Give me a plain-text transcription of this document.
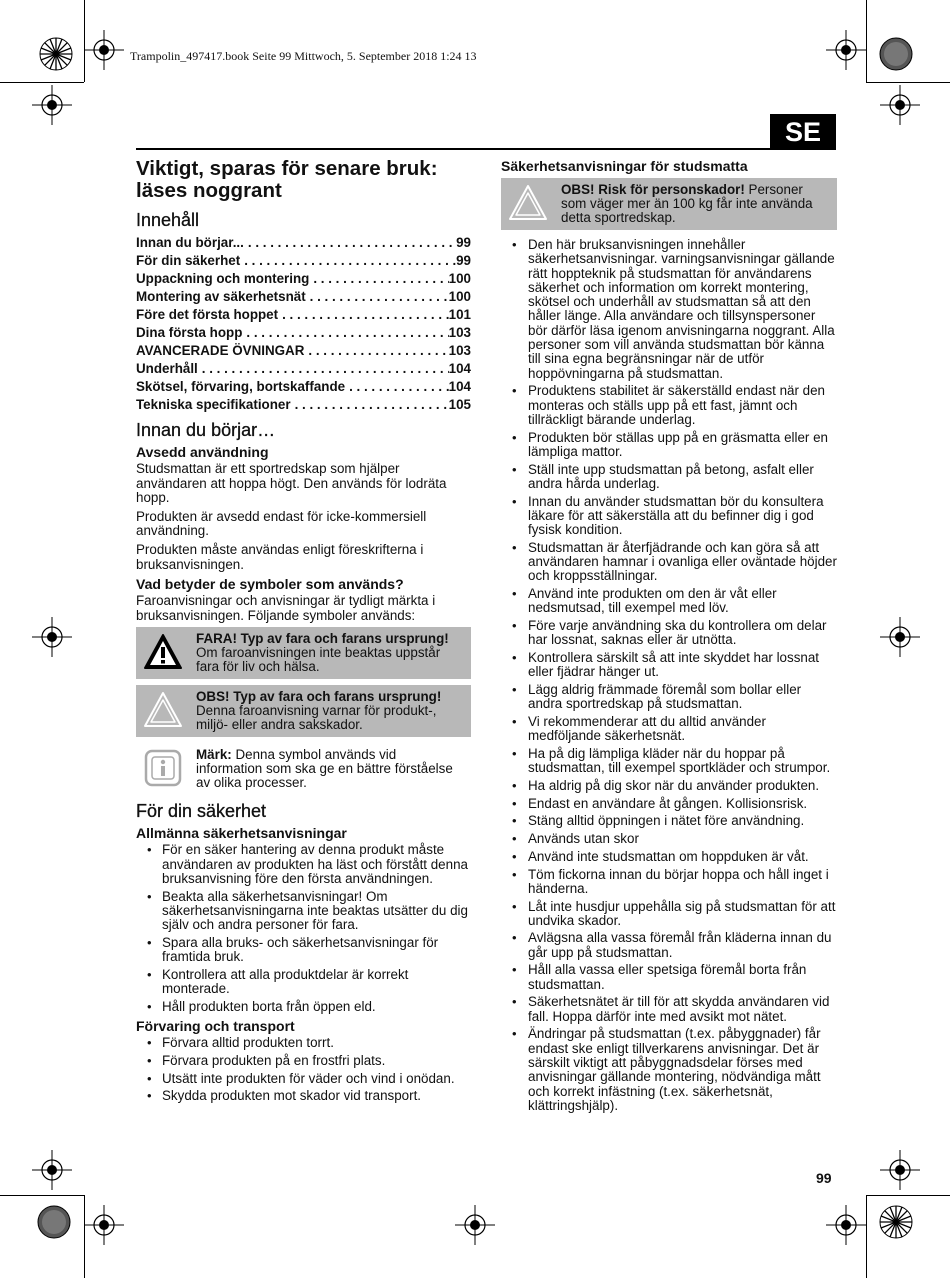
Trampolin_497417.book Seite 99 Mittwoch, 5. September 2018 1:24 13
SE
Viktigt, sparas för senare bruk:
läses noggrant
Innehåll
Innan du börjar... . . .	99
För din säkerhet . . .	99
Uppackning och montering . . .	100
Montering av säkerhetsnät . . .	100
Före det första hoppet . . .	101
Dina första hopp . . .	103
AVANCERADE ÖVNINGAR . . .	103
Underhåll . . .	104
Skötsel, förvaring, bortskaffande . . .	104
Tekniska specifikationer . . .	105
Innan du börjar…
Avsedd användning

Studsmattan är ett sportredskap som hjälper användaren att hoppa högt. Den används för lodräta hopp.

Produkten är avsedd endast för icke-kommersiell användning.

Produkten måste användas enligt föreskrifterna i bruksanvisningen.

Vad betyder de symboler som används?

Faroanvisningar och anvisningar är tydligt märkta i bruksanvisningen. Följande symboler används:

FARA! Typ av fara och farans ursprung!
Om faroanvisningen inte beaktas uppstår fara för liv och hälsa.
OBS! Typ av fara och farans ursprung!
Denna faroanvisning varnar för produkt-, miljö- eller andra sakskador.
Märk: Denna symbol används vid information som ska ge en bättre förståelse av olika processer.
För din säkerhet
Allmänna säkerhetsanvisningar
• För en säker hantering av denna produkt måste användaren av produkten ha läst och förstått denna bruksanvisning före den första användningen.
• Beakta alla säkerhetsanvisningar! Om säkerhetsanvisningarna inte beaktas utsätter du dig själv och andra personer för fara.
• Spara alla bruks- och säkerhetsanvisningar för framtida bruk.
• Kontrollera att alla produktdelar är korrekt monterade.
• Håll produkten borta från öppen eld.
Förvaring och transport
• Förvara alltid produkten torrt.
• Förvara produkten på en frostfri plats.
• Utsätt inte produkten för väder och vind i onödan.
• Skydda produkten mot skador vid transport.
Säkerhetsanvisningar för studsmatta
OBS! Risk för personskador! Personer som väger mer än 100 kg får inte använda detta sportredskap.
• Den här bruksanvisningen innehåller säkerhetsanvisningar. varningsanvisningar gällande rätt hoppteknik på studsmattan för användarens säkerhet och information om korrekt montering, skötsel och underhåll av studsmattan så att den håller länge. Alla användare och tillsynspersoner bör därför läsa igenom anvisningarna noggrant. Alla personer som vill använda studsmattan bör känna till sina egna begränsningar när de utför hoppövningarna på studsmattan.
• Produktens stabilitet är säkerställd endast när den monteras och ställs upp på ett fast, jämnt och tillräckligt bärande underlag.
• Produkten bör ställas upp på en gräsmatta eller en lämpliga mattor.
• Ställ inte upp studsmattan på betong, asfalt eller andra hårda underlag.
• Innan du använder studsmattan bör du konsultera läkare för att säkerställa att du befinner dig i god fysisk kondition.
• Studsmattan är återfjädrande och kan göra så att användaren hamnar i ovanliga eller oväntade höjder och kroppsställningar.
• Använd inte produkten om den är våt eller nedsmutsad, till exempel med löv.
• Före varje användning ska du kontrollera om delar har lossnat, saknas eller är utnötta.
• Kontrollera särskilt så att inte skyddet har lossnat eller fjädrar hänger ut.
• Lägg aldrig främmade föremål som bollar eller andra sportredskap på studsmattan.
• Vi rekommenderar att du alltid använder medföljande säkerhetsnät.
• Ha på dig lämpliga kläder när du hoppar på studsmattan, till exempel sportkläder och strumpor.
• Ha aldrig på dig skor när du använder produkten.
• Endast en användare åt gången. Kollisionsrisk.
• Stäng alltid öppningen i nätet före användning.
• Används utan skor
• Använd inte studsmattan om hoppduken är våt.
• Töm fickorna innan du börjar hoppa och håll inget i händerna.
• Låt inte husdjur uppehålla sig på studsmattan för att undvika skador.
• Avlägsna alla vassa föremål från kläderna innan du går upp på studsmattan.
• Håll alla vassa eller spetsiga föremål borta från studsmattan.
• Säkerhetsnätet är till för att skydda användaren vid fall. Hoppa därför inte med avsikt mot nätet.
• Ändringar på studsmattan (t.ex. påbyggnader) får endast ske enligt tillverkarens anvisningar. Det är särskilt viktigt att påbyggnadsdelar förses med anvisningar gällande montering, nödvändiga mått och korrekt infästning (t.ex. säkerhetsnät, klättringshjälp).
99
